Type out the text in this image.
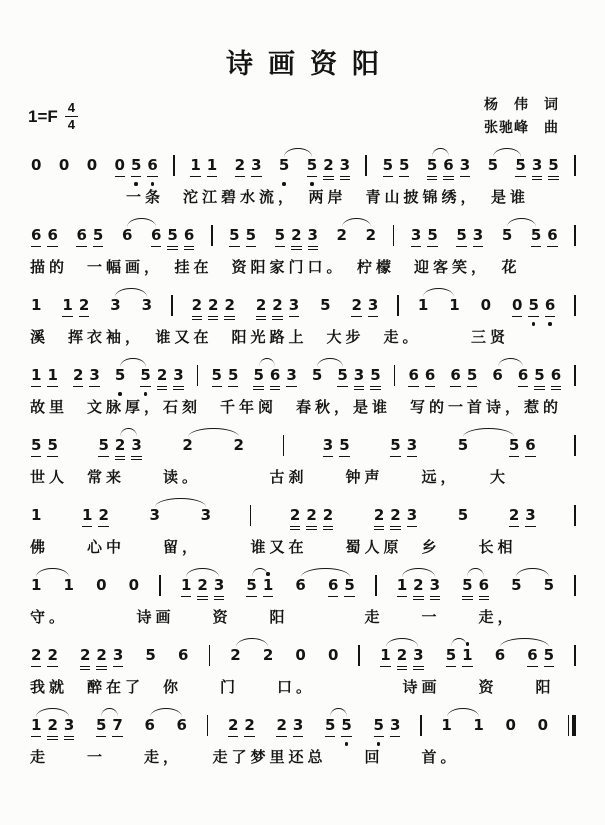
诗画资阳
$1=F \frac{4}{4}$	杨　伟　词
张驰峰　曲
0 0 0 0 5 6 1 1 2 3 5 5 2 3 5 5 5 6 3 5 5 3 5
一条　沱江碧水流，　两岸　青山披锦绣，　是谁
6 6 6 5 6 6 5 6 5 5 5 2 3 2 2 3 5 5 3 5 5 6
描的　一幅画，　挂在　资阳家门口。　柠檬　迎客笑，　花
1 1 2 3 3	2 2 2 2 2 3 5 2 3	1 1 0 0 5 6
溪　挥衣袖，　谁又在　阳光路上　大步　走。　　　三贤
1 1 2 3 5 5 2 3 5 5 5 6 3 5 5 3 5 6 6 6 5 6 6 5 6
故里　文脉厚，石刻　千年阅　春秋，是谁　写的一首诗，惹的
5 5	5 2 3	2	2	3 5	5 3	5	5 6
世人　常来　　读。　　　　古刹　　钟声　　远，　　大
1	1 2	3	3	2 2 2	2 2 3	5	2 3
佛　　心中　　留，　　　谁又在　　蜀人原　乡　　长相
1 1 0 0	1 2 3 5 1 6 6 5	1 2 3 5 6 5 5
守。　　　　诗画　　资　　阳　　　　走　　一　　走，
2 2 2 2 3 5 6	2 2 0 0	1 2 3 5 1 6 6 5
我就　醉在了　你　　门　　口。　　　　　诗画　　资　　阳
1 2 3 5 7 6 6	2 2 2 3 5 5 5 3	1 1 0 0
走　　一　　走，　　走了梦里还总　　回　　首。
